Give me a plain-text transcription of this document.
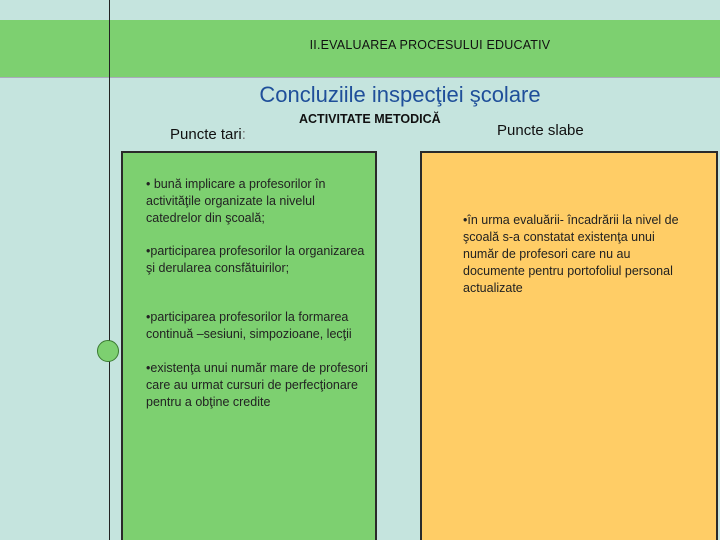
II.EVALUAREA PROCESULUI EDUCATIV
Concluziile inspecţiei şcolare
Puncte tari:
ACTIVITATE METODICĂ
Puncte slabe
• bună implicare a profesorilor în activităţile organizate la nivelul catedrelor din şcoală;
•participarea profesorilor la organizarea şi derularea consfătuirilor;
•participarea profesorilor la formarea continuă –sesiuni, simpozioane, lecţii
•existenţa unui număr mare de profesori care au urmat cursuri de perfecţionare pentru a obţine credite
•în urma evaluării- încadrării la nivel de şcoală s-a constatat existenţa unui număr de profesori care nu au documente pentru portofoliul personal actualizate
